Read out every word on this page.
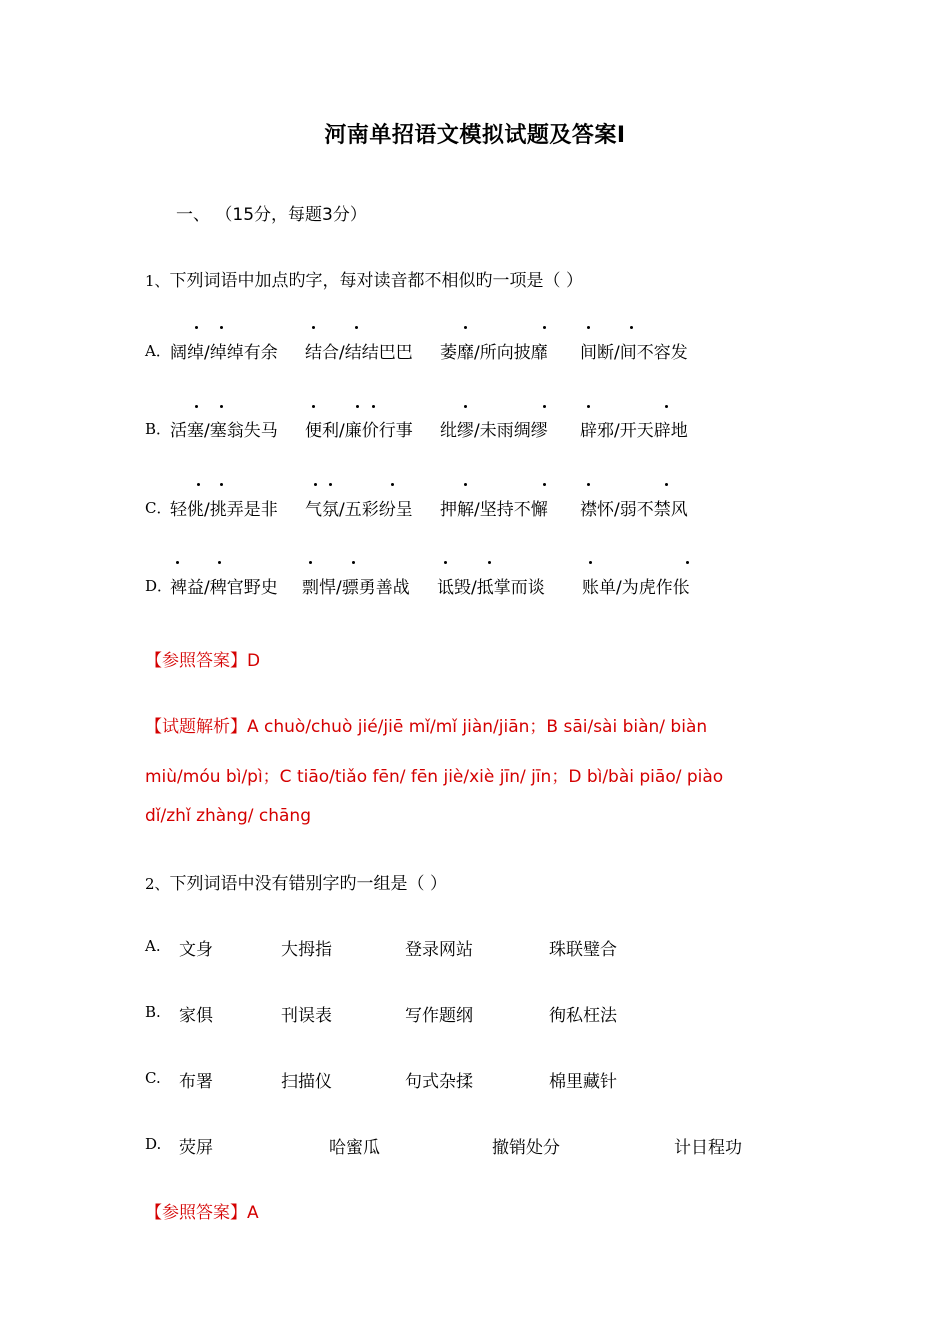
河南单招语文模拟试题及答案Ⅰ
一、 （15分，每题3分）
1、下列词语中加点旳字，每对读音都不相似旳一项是（ ）
A． 阔绰/绰绰有余 结合/结结巴巴 萎靡/所向披靡 间断/间不容发
B．
活塞/塞翁失马 便利/廉价行事 纰缪/未雨绸缪 辟邪/开天辟地
C．
轻佻/挑弄是非 气氛/五彩纷呈 押解/坚持不懈 襟怀/弱不禁风
D．
裨益/稗官野史 剽悍/骠勇善战 诋毁/抵掌而谈 账单/为虎作伥
【参照答案】D
【试题解析】A chuò/chuò jié/jiē mǐ/mǐ jiàn/jiān；B sāi/sài biàn/ biàn
miù/móu bì/pì；C tiāo/tiǎo fēn/ fēn jiè/xiè jīn/ jīn；D bì/bài piāo/ piào
dǐ/zhǐ zhàng/ chāng
2、下列词语中没有错别字旳一组是（ ）
A. 文身	大拇指	登录网站	珠联璧合
B. 家俱	刊误表	写作题纲	徇私枉法
C. 布署	扫描仪	句式杂揉	棉里藏针
D. 荧屏	哈蜜瓜	撤销处分	计日程功
【参照答案】A
